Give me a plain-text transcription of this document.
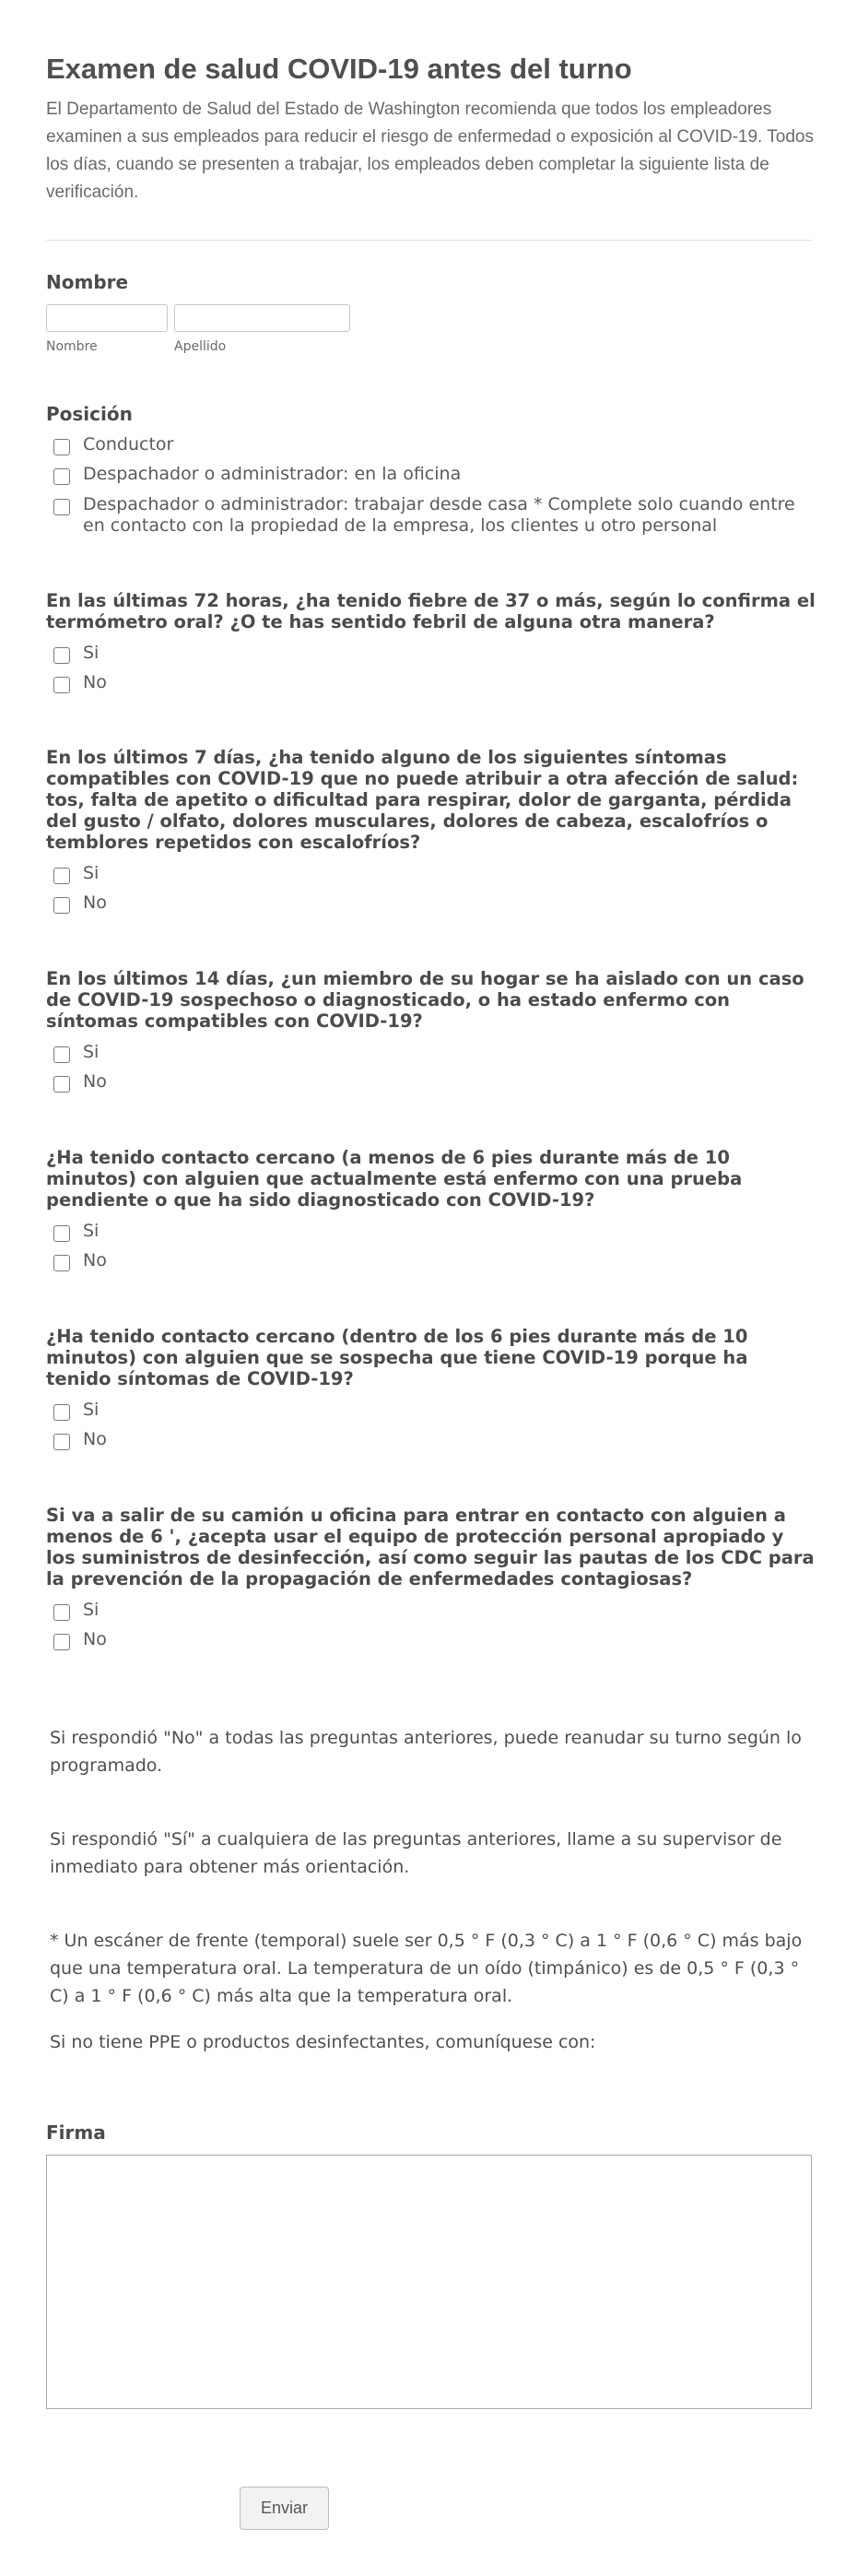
Examen de salud COVID-19 antes del turno

El Departamento de Salud del Estado de Washington recomienda que todos los empleadores examinen a sus empleados para reducir el riesgo de enfermedad o exposición al COVID-19. Todos los días, cuando se presenten a trabajar, los empleados deben completar la siguiente lista de verificación.

Nombre
Nombre	Apellido
Posición
Conductor
Despachador o administrador: en la oficina
Despachador o administrador: trabajar desde casa * Complete solo cuando entre en contacto con la propiedad de la empresa, los clientes u otro personal
En las últimas 72 horas, ¿ha tenido fiebre de 37 o más, según lo confirma el termómetro oral? ¿O te has sentido febril de alguna otra manera?
Si
No
En los últimos 7 días, ¿ha tenido alguno de los siguientes síntomas compatibles con COVID-19 que no puede atribuir a otra afección de salud: tos, falta de apetito o dificultad para respirar, dolor de garganta, pérdida del gusto / olfato, dolores musculares, dolores de cabeza, escalofríos o temblores repetidos con escalofríos?
Si
No
En los últimos 14 días, ¿un miembro de su hogar se ha aislado con un caso de COVID-19 sospechoso o diagnosticado, o ha estado enfermo con síntomas compatibles con COVID-19?
Si
No
¿Ha tenido contacto cercano (a menos de 6 pies durante más de 10 minutos) con alguien que actualmente está enfermo con una prueba pendiente o que ha sido diagnosticado con COVID-19?
Si
No
¿Ha tenido contacto cercano (dentro de los 6 pies durante más de 10 minutos) con alguien que se sospecha que tiene COVID-19 porque ha tenido síntomas de COVID-19?
Si
No
Si va a salir de su camión u oficina para entrar en contacto con alguien a menos de 6 ', ¿acepta usar el equipo de protección personal apropiado y los suministros de desinfección, así como seguir las pautas de los CDC para la prevención de la propagación de enfermedades contagiosas?
Si
No

Si respondió "No" a todas las preguntas anteriores, puede reanudar su turno según lo programado.

Si respondió "Sí" a cualquiera de las preguntas anteriores, llame a su supervisor de inmediato para obtener más orientación.

* Un escáner de frente (temporal) suele ser 0,5 ° F (0,3 ° C) a 1 ° F (0,6 ° C) más bajo que una temperatura oral. La temperatura de un oído (timpánico) es de 0,5 ° F (0,3 ° C) a 1 ° F (0,6 ° C) más alta que la temperatura oral.

Si no tiene PPE o productos desinfectantes, comuníquese con:

Firma
Enviar
